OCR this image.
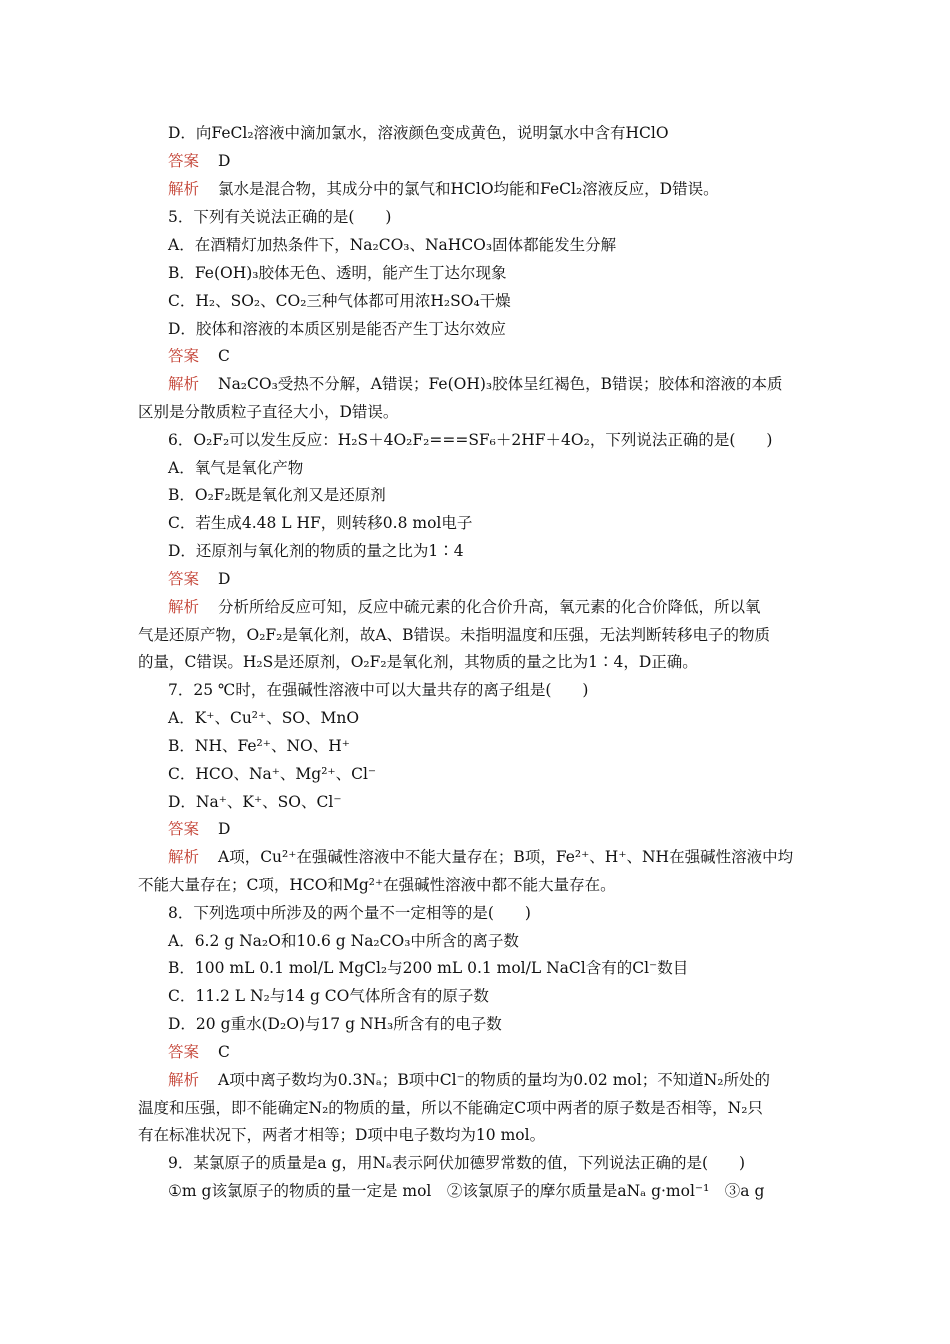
D．向FeCl₂溶液中滴加氯水，溶液颜色变成黄色，说明氯水中含有HClO
答案 D
解析 氯水是混合物，其成分中的氯气和HClO均能和FeCl₂溶液反应，D错误。
5．下列有关说法正确的是(　　)
A．在酒精灯加热条件下，Na₂CO₃、NaHCO₃固体都能发生分解
B．Fe(OH)₃胶体无色、透明，能产生丁达尔现象
C．H₂、SO₂、CO₂三种气体都可用浓H₂SO₄干燥
D．胶体和溶液的本质区别是能否产生丁达尔效应
答案 C
解析 Na₂CO₃受热不分解，A错误；Fe(OH)₃胶体呈红褐色，B错误；胶体和溶液的本质
区别是分散质粒子直径大小，D错误。
6．O₂F₂可以发生反应：H₂S＋4O₂F₂===SF₆＋2HF＋4O₂，下列说法正确的是(　　)
A．氧气是氧化产物
B．O₂F₂既是氧化剂又是还原剂
C．若生成4.48 L HF，则转移0.8 mol电子
D．还原剂与氧化剂的物质的量之比为1∶4
答案 D
解析 分析所给反应可知，反应中硫元素的化合价升高，氧元素的化合价降低，所以氧
气是还原产物，O₂F₂是氧化剂，故A、B错误。未指明温度和压强，无法判断转移电子的物质
的量，C错误。H₂S是还原剂，O₂F₂是氧化剂，其物质的量之比为1∶4，D正确。
7．25 ℃时，在强碱性溶液中可以大量共存的离子组是(　　)
A．K⁺、Cu²⁺、SO、MnO
B．NH、Fe²⁺、NO、H⁺
C．HCO、Na⁺、Mg²⁺、Cl⁻
D．Na⁺、K⁺、SO、Cl⁻
答案 D
解析 A项，Cu²⁺在强碱性溶液中不能大量存在；B项，Fe²⁺、H⁺、NH在强碱性溶液中均
不能大量存在；C项，HCO和Mg²⁺在强碱性溶液中都不能大量存在。
8．下列选项中所涉及的两个量不一定相等的是(　　)
A．6.2 g Na₂O和10.6 g Na₂CO₃中所含的离子数
B．100 mL 0.1 mol/L MgCl₂与200 mL 0.1 mol/L NaCl含有的Cl⁻数目
C．11.2 L N₂与14 g CO气体所含有的原子数
D．20 g重水(D₂O)与17 g NH₃所含有的电子数
答案 C
解析 A项中离子数均为0.3Nₐ；B项中Cl⁻的物质的量均为0.02 mol；不知道N₂所处的
温度和压强，即不能确定N₂的物质的量，所以不能确定C项中两者的原子数是否相等，N₂只
有在标准状况下，两者才相等；D项中电子数均为10 mol。
9．某氯原子的质量是a g，用Nₐ表示阿伏加德罗常数的值，下列说法正确的是(　　)
①m g该氯原子的物质的量一定是 mol　②该氯原子的摩尔质量是aNₐ g·mol⁻¹　③a g
